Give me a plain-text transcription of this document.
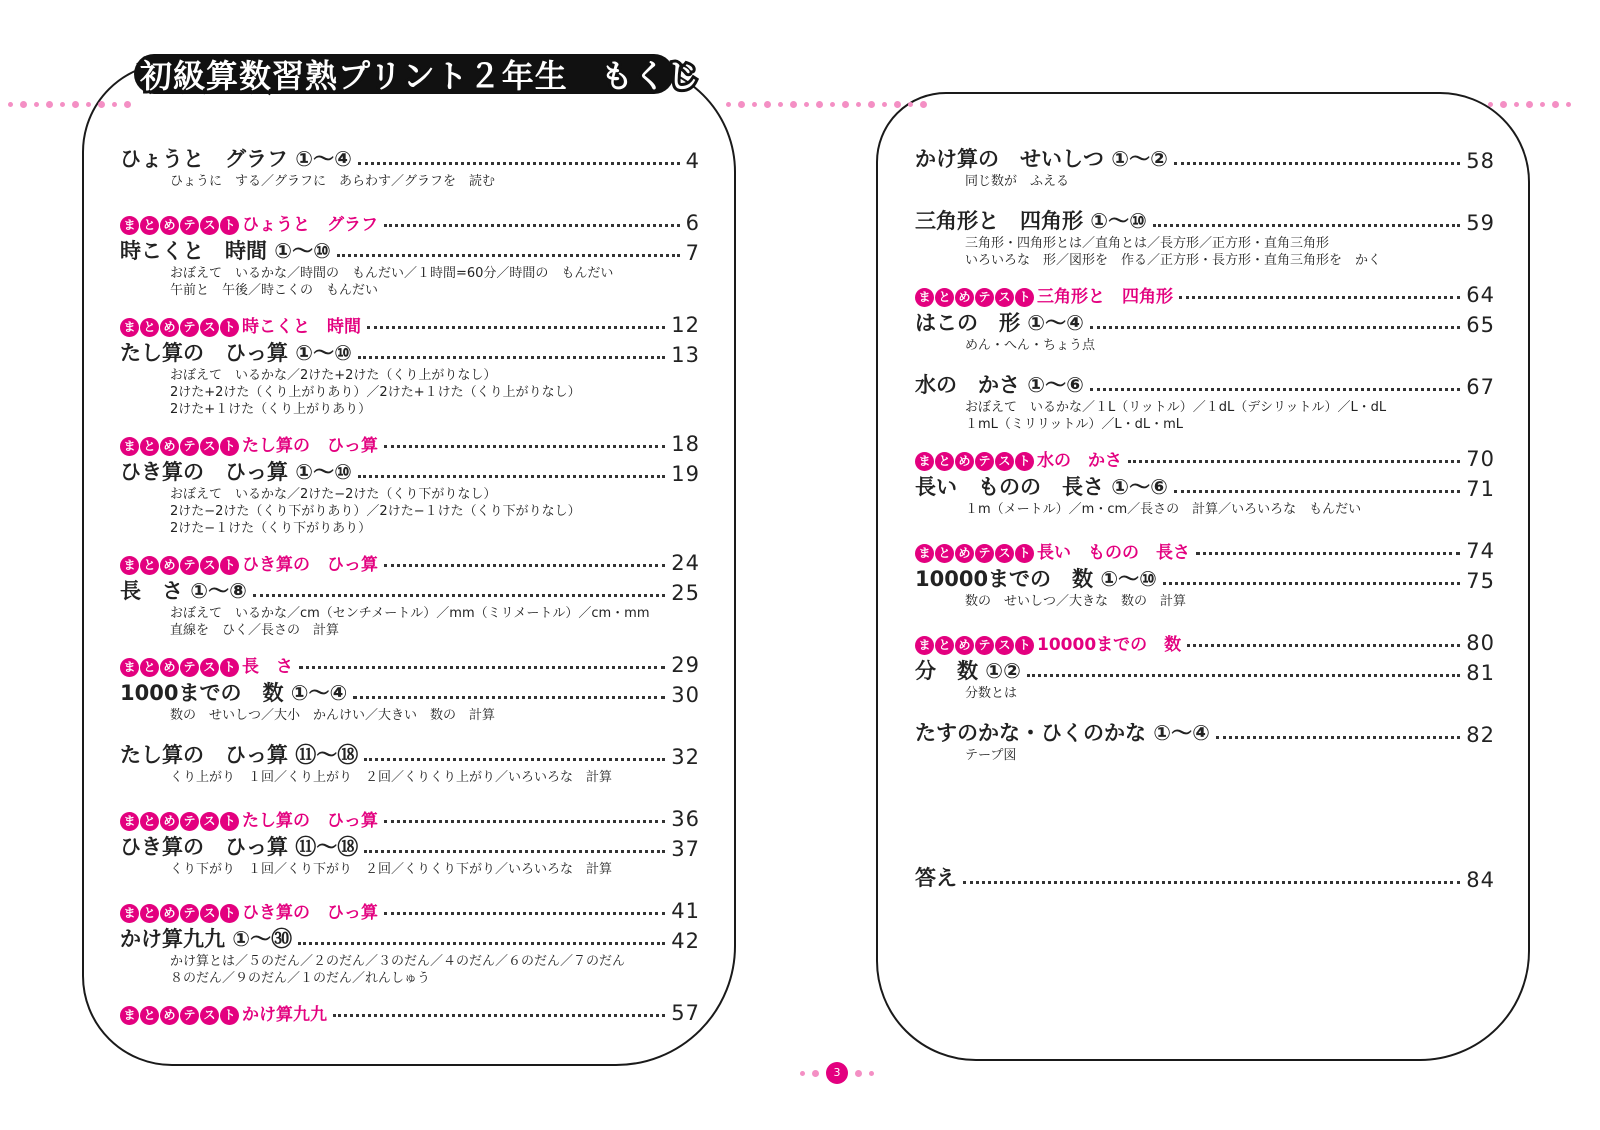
初級算数習熟プリント２年生　もくじ
ひょうと　グラフ ①〜④	4
ひょうに　する／グラフに　あらわす／グラフを　読む
ま と め テ ス ト ひょうと　グラフ	6
時こくと　時間 ①〜⑩	7
おぼえて　いるかな／時間の　もんだい／１時間=60分／時間の　もんだい
午前と　午後／時こくの　もんだい
ま と め テ ス ト 時こくと　時間	12
たし算の　ひっ算 ①〜⑩	13
おぼえて　いるかな／2けた+2けた（くり上がりなし）
2けた+2けた（くり上がりあり）／2けた+１けた（くり上がりなし）
2けた+１けた（くり上がりあり）
ま と め テ ス ト たし算の　ひっ算	18
ひき算の　ひっ算 ①〜⑩	19
おぼえて　いるかな／2けた−2けた（くり下がりなし）
2けた−2けた（くり下がりあり）／2けた−１けた（くり下がりなし）
2けた−１けた（くり下がりあり）
ま と め テ ス ト ひき算の　ひっ算	24
長　さ ①〜⑧	25
おぼえて　いるかな／cm（センチメートル）／mm（ミリメートル）／cm・mm
直線を　ひく／長さの　計算
ま と め テ ス ト 長　さ	29
1000までの　数 ①〜④	30
数の　せいしつ／大小　かんけい／大きい　数の　計算
たし算の　ひっ算 ⑪〜⑱	32
くり上がり　１回／くり上がり　２回／くりくり上がり／いろいろな　計算
ま と め テ ス ト たし算の　ひっ算	36
ひき算の　ひっ算 ⑪〜⑱	37
くり下がり　１回／くり下がり　２回／くりくり下がり／いろいろな　計算
ま と め テ ス ト ひき算の　ひっ算	41
かけ算九九 ①〜㉚	42
かけ算とは／５のだん／２のだん／３のだん／４のだん／６のだん／７のだん
８のだん／９のだん／１のだん／れんしゅう
ま と め テ ス ト かけ算九九	57
かけ算の　せいしつ ①〜②	58
同じ数が　ふえる
三角形と　四角形 ①〜⑩	59
三角形・四角形とは／直角とは／長方形／正方形・直角三角形
いろいろな　形／図形を　作る／正方形・長方形・直角三角形を　かく
ま と め テ ス ト 三角形と　四角形	64
はこの　形 ①〜④	65
めん・へん・ちょう点
水の　かさ ①〜⑥	67
おぼえて　いるかな／１L（リットル）／１dL（デシリットル）／L・dL
１mL（ミリリットル）／L・dL・mL
ま と め テ ス ト 水の　かさ	70
長い　ものの　長さ ①〜⑥	71
１m（メートル）／m・cm／長さの　計算／いろいろな　もんだい
ま と め テ ス ト 長い　ものの　長さ	74
10000までの　数 ①〜⑩	75
数の　せいしつ／大きな　数の　計算
ま と め テ ス ト 10000までの　数	80
分　数 ①②	81
分数とは
たすのかな・ひくのかな ①〜④	82
テープ図
答え	84
3
